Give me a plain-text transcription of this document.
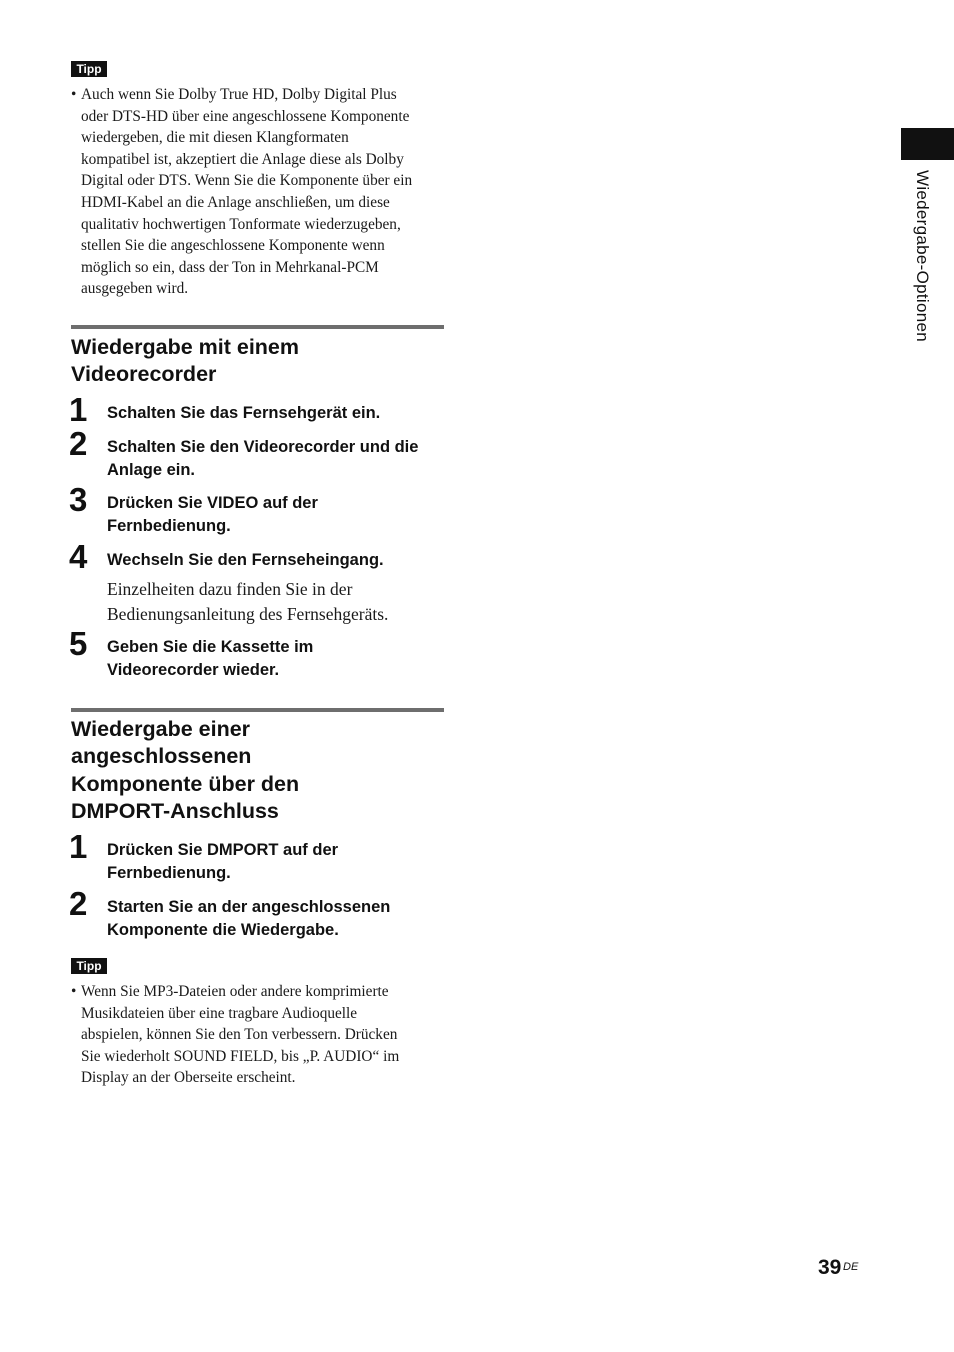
Tipp
• Auch wenn Sie Dolby True HD, Dolby Digital Plus
oder DTS-HD über eine angeschlossene Komponente
wiedergeben, die mit diesen Klangformaten
kompatibel ist, akzeptiert die Anlage diese als Dolby
Digital oder DTS. Wenn Sie die Komponente über ein
HDMI-Kabel an die Anlage anschließen, um diese
qualitativ hochwertigen Tonformate wiederzugeben,
stellen Sie die angeschlossene Komponente wenn
möglich so ein, dass der Ton in Mehrkanal-PCM
ausgegeben wird.
Wiedergabe mit einem
Videorecorder
1 Schalten Sie das Fernsehgerät ein.
2 Schalten Sie den Videorecorder und die
Anlage ein.
3 Drücken Sie VIDEO auf der
Fernbedienung.
4 Wechseln Sie den Fernseheingang.
Einzelheiten dazu finden Sie in der
Bedienungsanleitung des Fernsehgeräts.
5 Geben Sie die Kassette im
Videorecorder wieder.
Wiedergabe einer
angeschlossenen
Komponente über den
DMPORT-Anschluss
1 Drücken Sie DMPORT auf der
Fernbedienung.
2 Starten Sie an der angeschlossenen
Komponente die Wiedergabe.
Tipp
• Wenn Sie MP3-Dateien oder andere komprimierte
Musikdateien über eine tragbare Audioquelle
abspielen, können Sie den Ton verbessern. Drücken
Sie wiederholt SOUND FIELD, bis „P. AUDIO“ im
Display an der Oberseite erscheint.
Wiedergabe-Optionen
39 DE
